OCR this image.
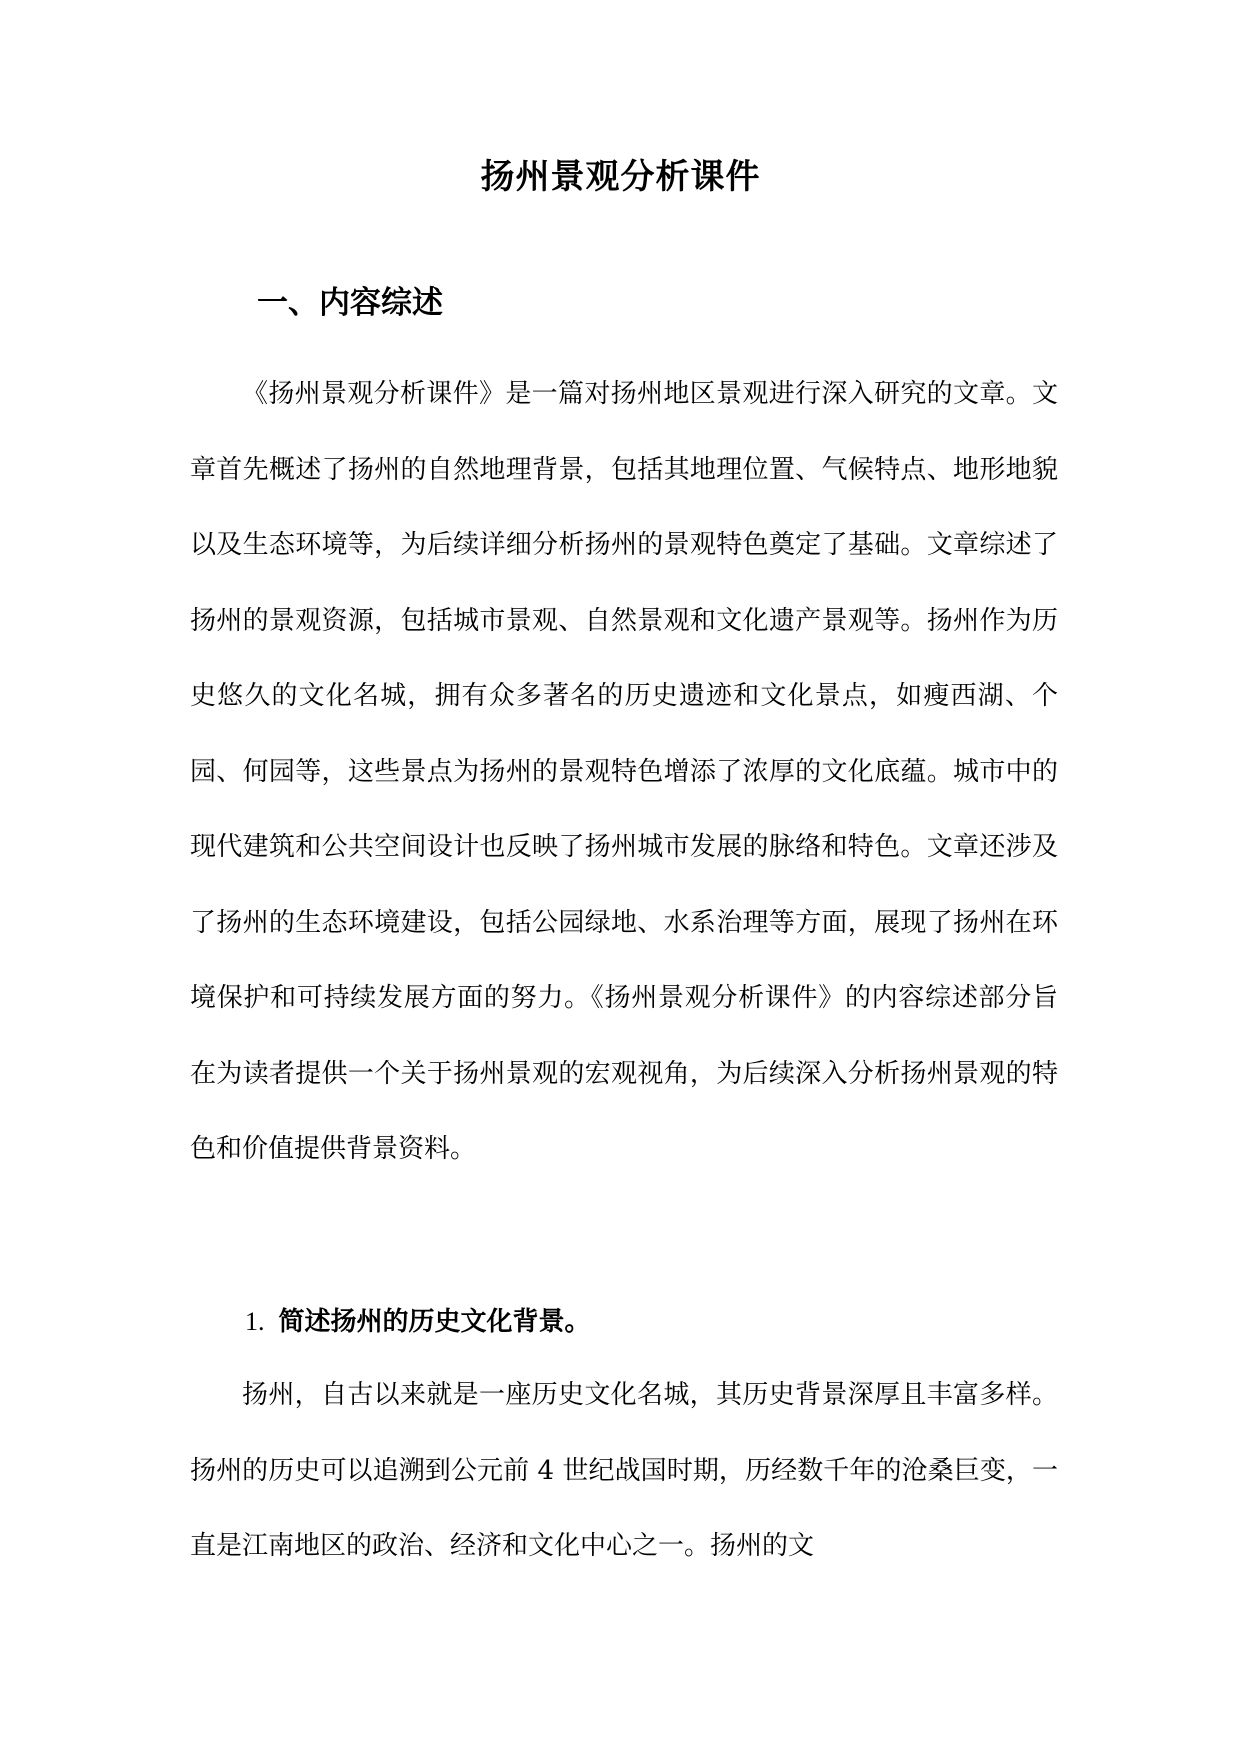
扬州景观分析课件
一、内容综述

《扬州景观分析课件》是一篇对扬州地区景观进行深入研究的文章。文章首先概述了扬州的自然地理背景，包括其地理位置、气候特点、地形地貌以及生态环境等，为后续详细分析扬州的景观特色奠定了基础。文章综述了扬州的景观资源，包括城市景观、自然景观和文化遗产景观等。扬州作为历史悠久的文化名城，拥有众多著名的历史遗迹和文化景点，如瘦西湖、个园、何园等，这些景点为扬州的景观特色增添了浓厚的文化底蕴。城市中的现代建筑和公共空间设计也反映了扬州城市发展的脉络和特色。文章还涉及了扬州的生态环境建设，包括公园绿地、水系治理等方面，展现了扬州在环境保护和可持续发展方面的努力。《扬州景观分析课件》的内容综述部分旨在为读者提供一个关于扬州景观的宏观视角，为后续深入分析扬州景观的特色和价值提供背景资料。

1. 简述扬州的历史文化背景。

扬州，自古以来就是一座历史文化名城，其历史背景深厚且丰富多样。扬州的历史可以追溯到公元前 4 世纪战国时期，历经数千年的沧桑巨变，一直是江南地区的政治、经济和文化中心之一。扬州的文
